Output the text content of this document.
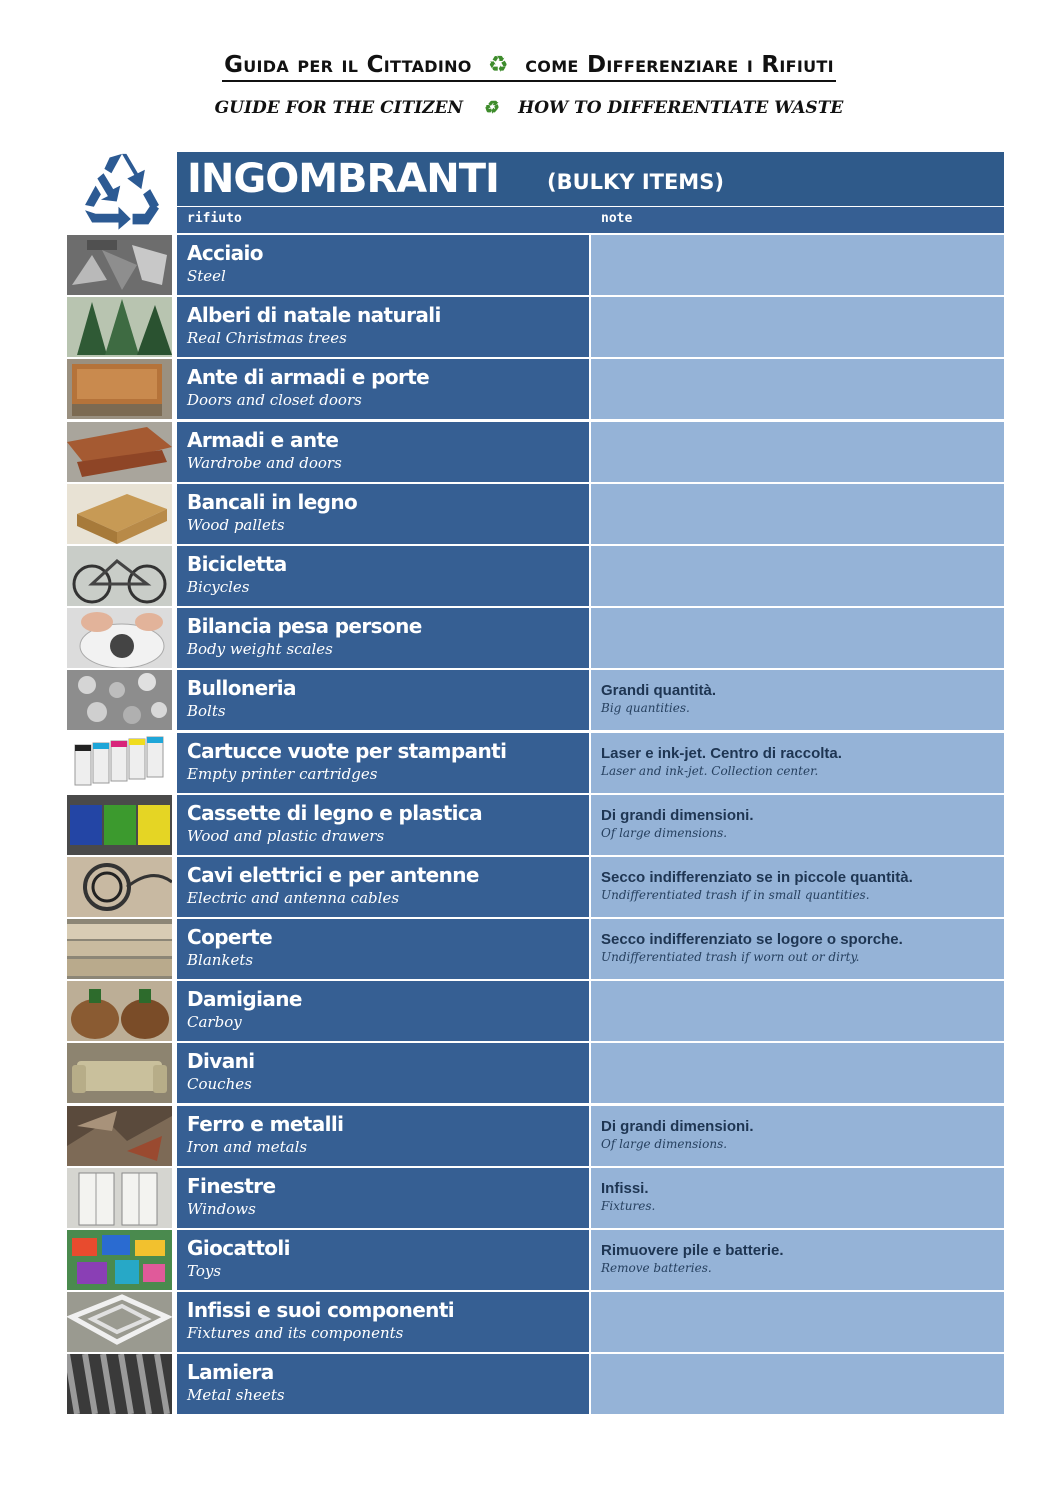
Guida per il Cittadino ♻ come Differenziare i Rifiuti
GUIDE FOR THE CITIZEN ♻ HOW TO DIFFERENTIATE WASTE
INGOMBRANTI (BULKY ITEMS)
rifiuto	note
Acciaio
Steel
Alberi di natale naturali
Real Christmas trees
Ante di armadi e porte
Doors and closet doors
Armadi e ante
Wardrobe and doors
Bancali in legno
Wood pallets
Bicicletta
Bicycles
Bilancia pesa persone
Body weight scales
Bulloneria
Bolts
Grandi quantità.
Big quantities.
Cartucce vuote per stampanti
Empty printer cartridges
Laser e ink-jet. Centro di raccolta.
Laser and ink-jet. Collection center.
Cassette di legno e plastica
Wood and plastic drawers
Di grandi dimensioni.
Of large dimensions.
Cavi elettrici e per antenne
Electric and antenna cables
Secco indifferenziato se in piccole quantità.
Undifferentiated trash if in small quantities.
Coperte
Blankets
Secco indifferenziato se logore o sporche.
Undifferentiated trash if worn out or dirty.
Damigiane
Carboy
Divani
Couches
Ferro e metalli
Iron and metals
Di grandi dimensioni.
Of large dimensions.
Finestre
Windows
Infissi.
Fixtures.
Giocattoli
Toys
Rimuovere pile e batterie.
Remove batteries.
Infissi e suoi componenti
Fixtures and its components
Lamiera
Metal sheets
